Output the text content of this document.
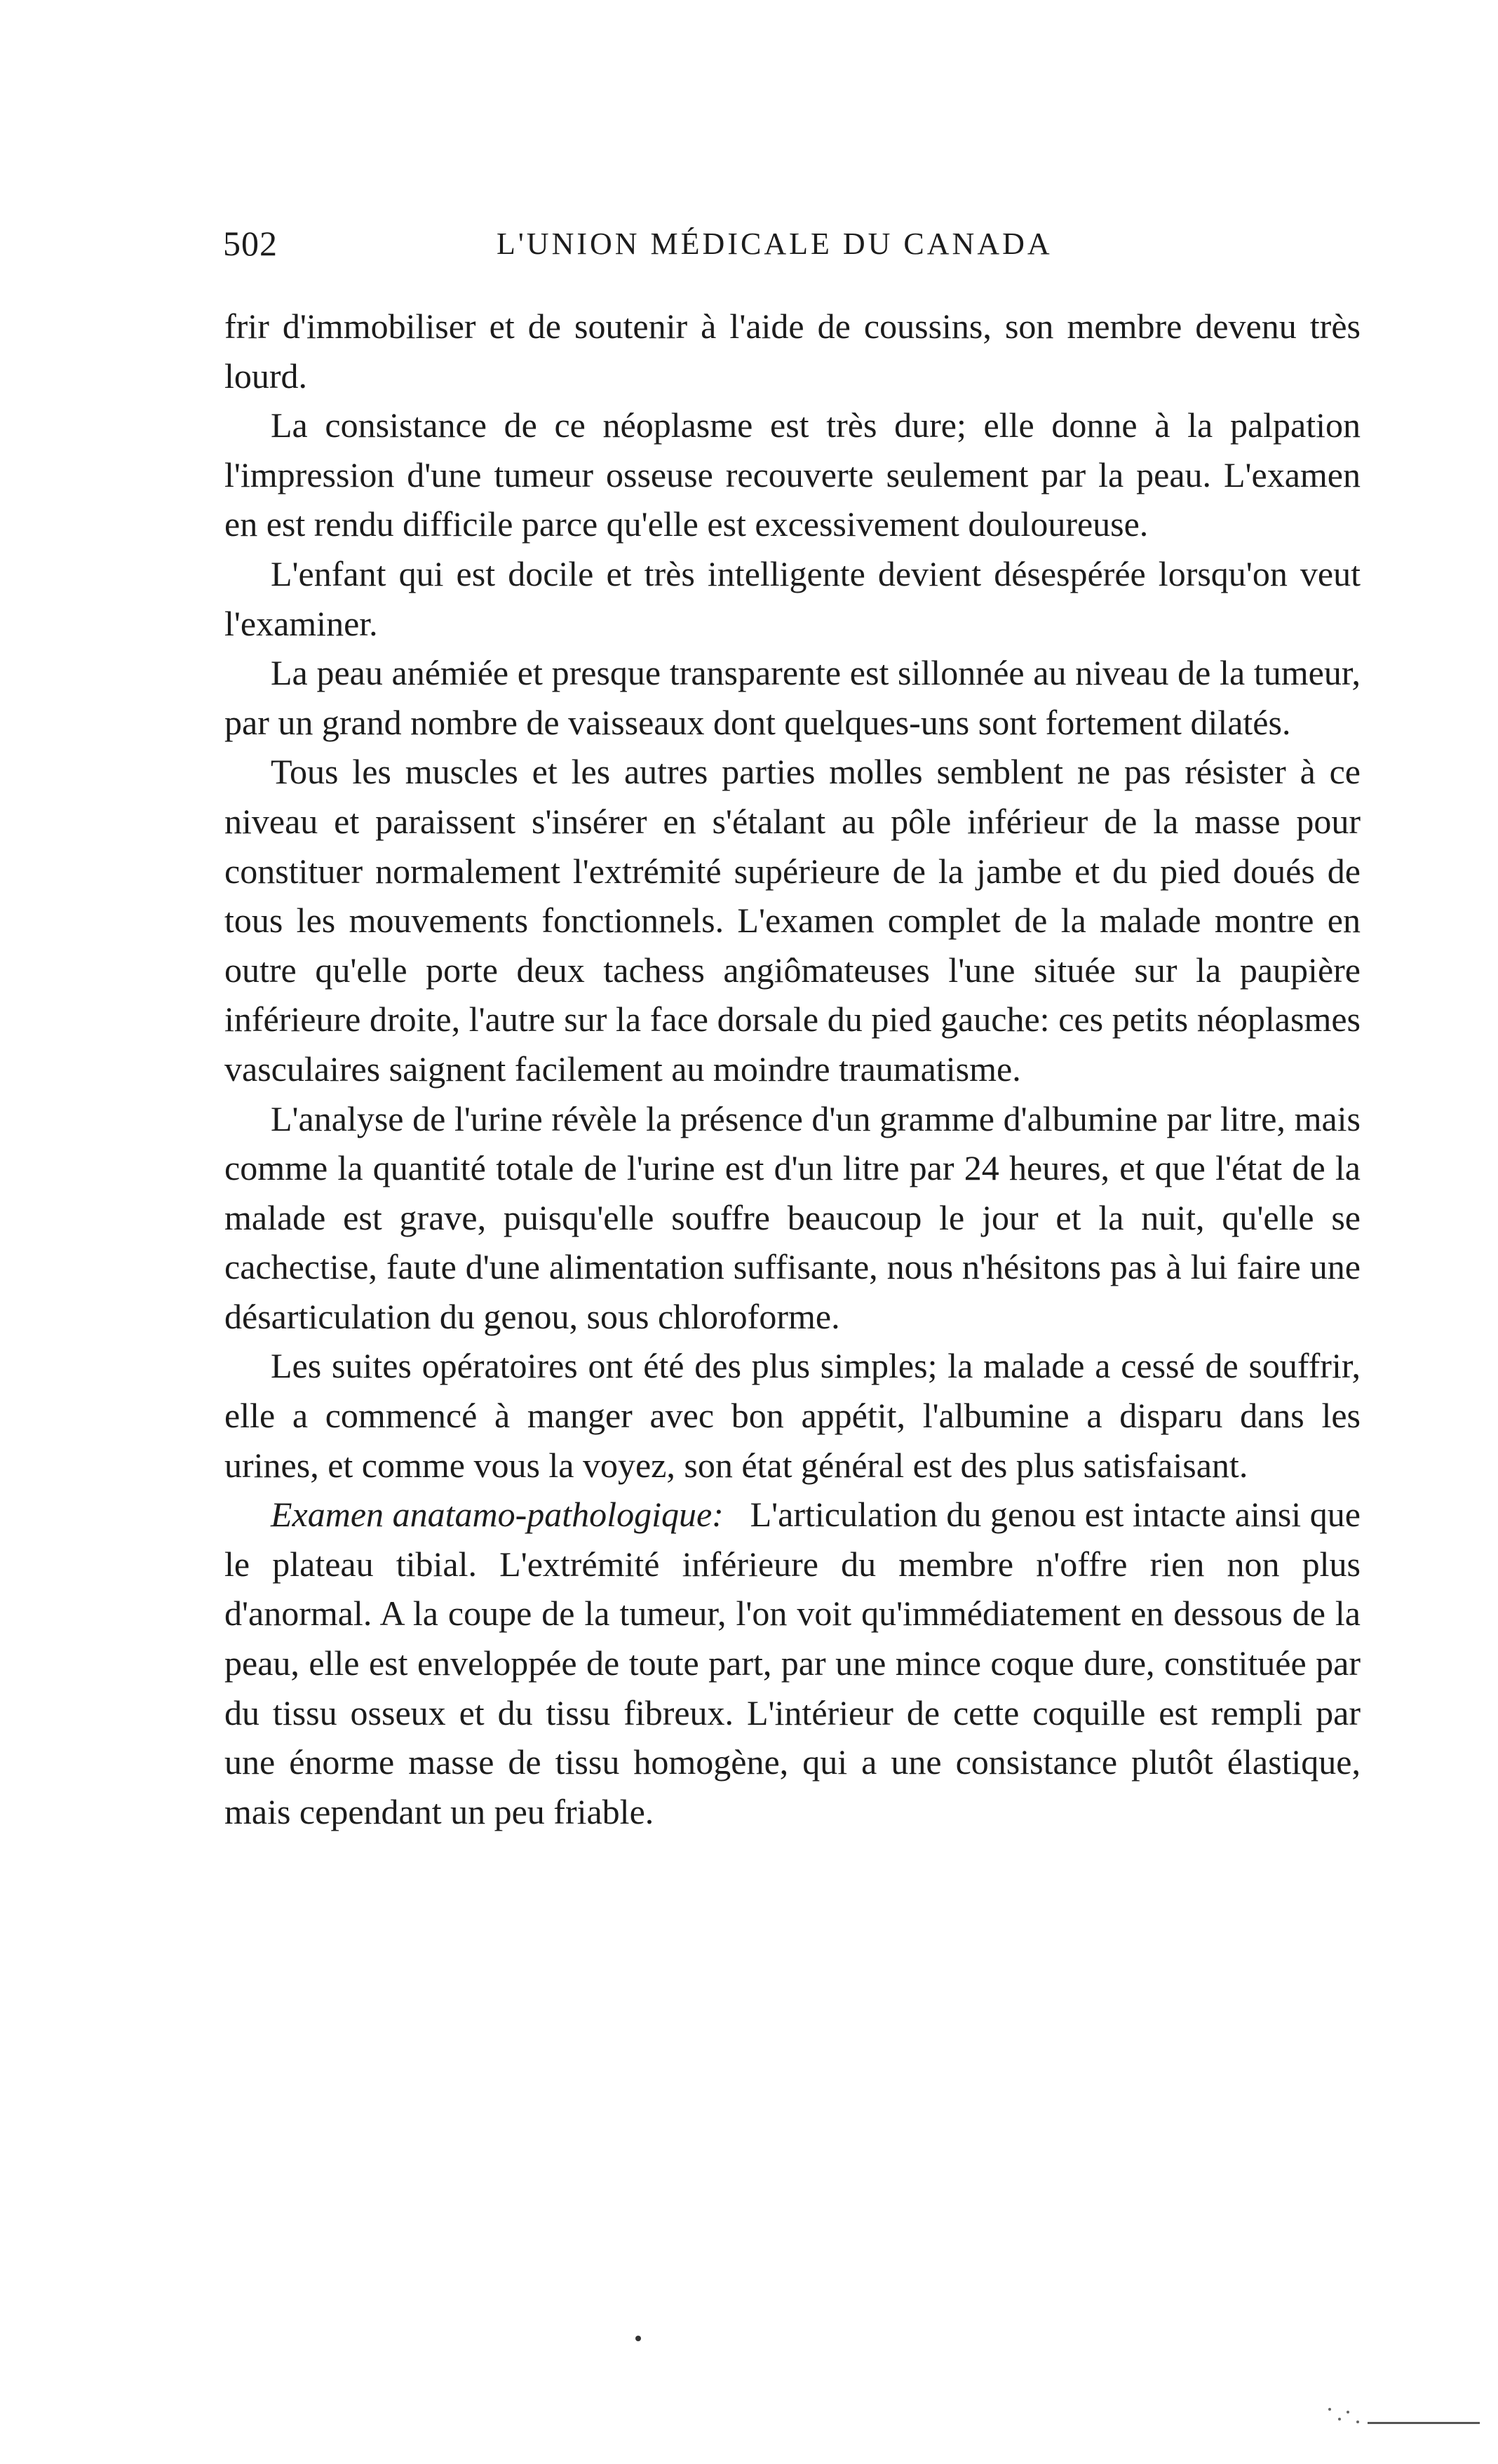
502	L'UNION MÉDICALE DU CANADA

frir d'immobiliser et de soutenir à l'aide de coussins, son membre devenu très lourd.

La consistance de ce néoplasme est très dure; elle donne à la palpation l'impression d'une tumeur osseuse recouverte seulement par la peau. L'examen en est rendu difficile parce qu'elle est excessivement douloureuse.

L'enfant qui est docile et très intelligente devient désespérée lorsqu'on veut l'examiner.

La peau anémiée et presque transparente est sillonnée au niveau de la tumeur, par un grand nombre de vaisseaux dont quelques-uns sont fortement dilatés.

Tous les muscles et les autres parties molles semblent ne pas résister à ce niveau et paraissent s'insérer en s'étalant au pôle inférieur de la masse pour constituer normalement l'extrémité supérieure de la jambe et du pied doués de tous les mouvements fonctionnels. L'examen complet de la malade montre en outre qu'elle porte deux tachess angiômateuses l'une située sur la paupière inférieure droite, l'autre sur la face dorsale du pied gauche: ces petits néoplasmes vasculaires saignent facilement au moindre traumatisme.

L'analyse de l'urine révèle la présence d'un gramme d'albumine par litre, mais comme la quantité totale de l'urine est d'un litre par 24 heures, et que l'état de la malade est grave, puisqu'elle souffre beaucoup le jour et la nuit, qu'elle se cachectise, faute d'une alimentation suffisante, nous n'hésitons pas à lui faire une désarticulation du genou, sous chloroforme.

Les suites opératoires ont été des plus simples; la malade a cessé de souffrir, elle a commencé à manger avec bon appétit, l'albumine a disparu dans les urines, et comme vous la voyez, son état général est des plus satisfaisant.

Examen anatamo-pathologique: L'articulation du genou est intacte ainsi que le plateau tibial. L'extrémité inférieure du membre n'offre rien non plus d'anormal. A la coupe de la tumeur, l'on voit qu'immédiatement en dessous de la peau, elle est enveloppée de toute part, par une mince coque dure, constituée par du tissu osseux et du tissu fibreux. L'intérieur de cette coquille est rempli par une énorme masse de tissu homogène, qui a une consistance plutôt élastique, mais cependant un peu friable.
